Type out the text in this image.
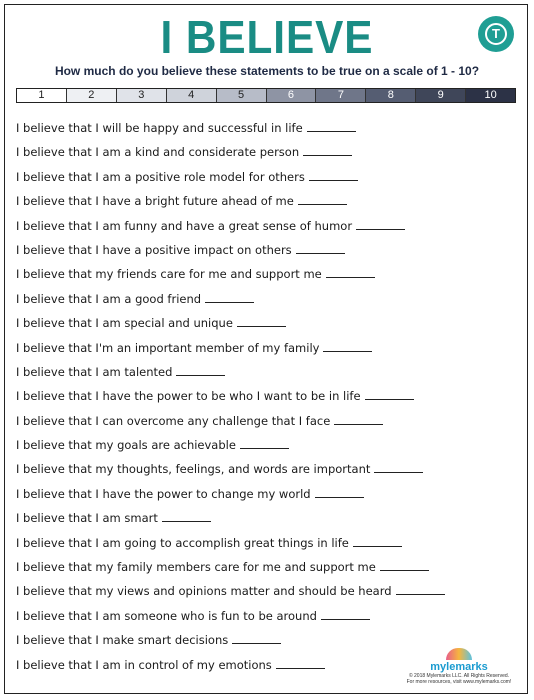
I BELIEVE	T
How much do you believe these statements to be true on a scale of 1 - 10?
1	2	3	4	5	6	7	8	9	10
I believe that I will be happy and successful in life
I believe that I am a kind and considerate person
I believe that I am a positive role model for others
I believe that I have a bright future ahead of me
I believe that I am funny and have a great sense of humor
I believe that I have a positive impact on others
I believe that my friends care for me and support me
I believe that I am a good friend
I believe that I am special and unique
I believe that I'm an important member of my family
I believe that I am talented
I believe that I have the power to be who I want to be in life
I believe that I can overcome any challenge that I face
I believe that my goals are achievable
I believe that my thoughts, feelings, and words are important
I believe that I have the power to change my world
I believe that I am smart
I believe that I am going to accomplish great things in life
I believe that my family members care for me and support me
I believe that my views and opinions matter and should be heard
I believe that I am someone who is fun to be around
I believe that I make smart decisions
I believe that I am in control of my emotions	mylemarks
© 2018 Mylemarks LLC. All Rights Reserved.
For more resources, visit www.mylemarks.com!
